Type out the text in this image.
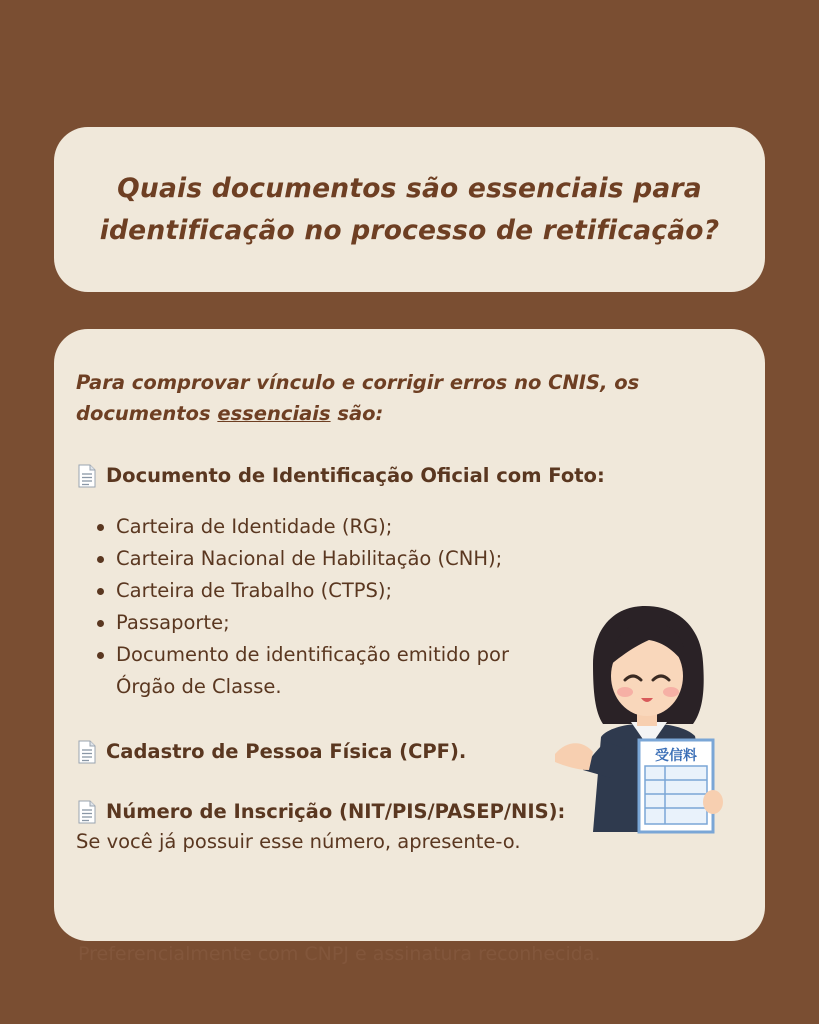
Quais documentos são essenciais para
identificação no processo de retificação?

Para comprovar vínculo e corrigir erros no CNIS, os documentos essenciais são:

Documento de Identificação Oficial com Foto:

Carteira de Identidade (RG);
Carteira Nacional de Habilitação (CNH);
Carteira de Trabalho (CTPS);
Passaporte;
Documento de identificação emitido por
Órgão de Classe.

Cadastro de Pessoa Física (CPF).

Número de Inscrição (NIT/PIS/PASEP/NIS):

Se você já possuir esse número, apresente-o.

受信料
Preferencialmente com CNPJ e assinatura reconhecida.
